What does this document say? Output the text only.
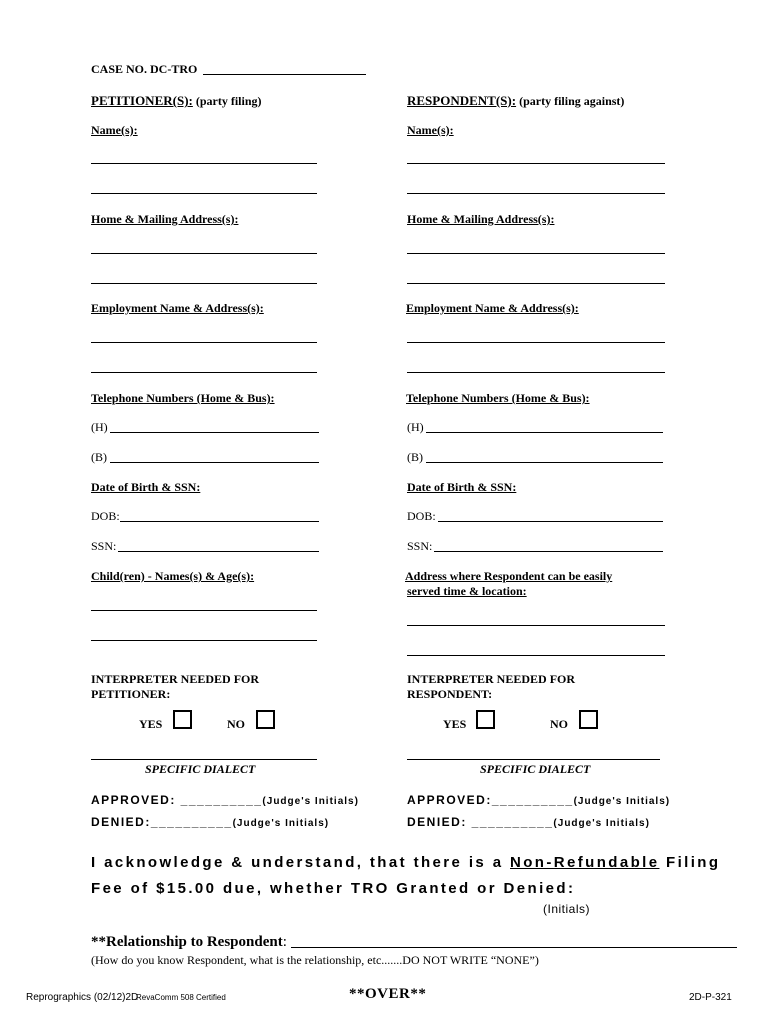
CASE NO. DC-TRO
PETITIONER(S): (party filing)
Name(s):
Home & Mailing Address(s):
Employment Name & Address(s):
Telephone Numbers (Home & Bus):
(H)
(B)
Date of Birth & SSN:
DOB:
SSN:
Child(ren) - Names(s) & Age(s):
INTERPRETER NEEDED FOR
PETITIONER:
YES	NO
SPECIFIC DIALECT
RESPONDENT(S): (party filing against)
Name(s):
Home & Mailing Address(s):
Employment Name & Address(s):
Telephone Numbers (Home & Bus):
(H)
(B)
Date of Birth & SSN:
DOB:
SSN:
Address where Respondent can be easily
served time & location:
INTERPRETER NEEDED FOR
RESPONDENT:
YES	NO
SPECIFIC DIALECT
APPROVED: __________(Judge's Initials)
DENIED:__________(Judge's Initials)
APPROVED:__________(Judge's Initials)
DENIED: __________(Judge's Initials)
I acknowledge & understand, that there is a Non-Refundable Filing
Fee of $15.00 due, whether TRO Granted or Denied:
(Initials)
**Relationship to Respondent:
(How do you know Respondent, what is the relationship, etc.......DO NOT WRITE “NONE”)
Reprographics (02/12)2D
RevaComm 508 Certified	**OVER**	2D-P-321
